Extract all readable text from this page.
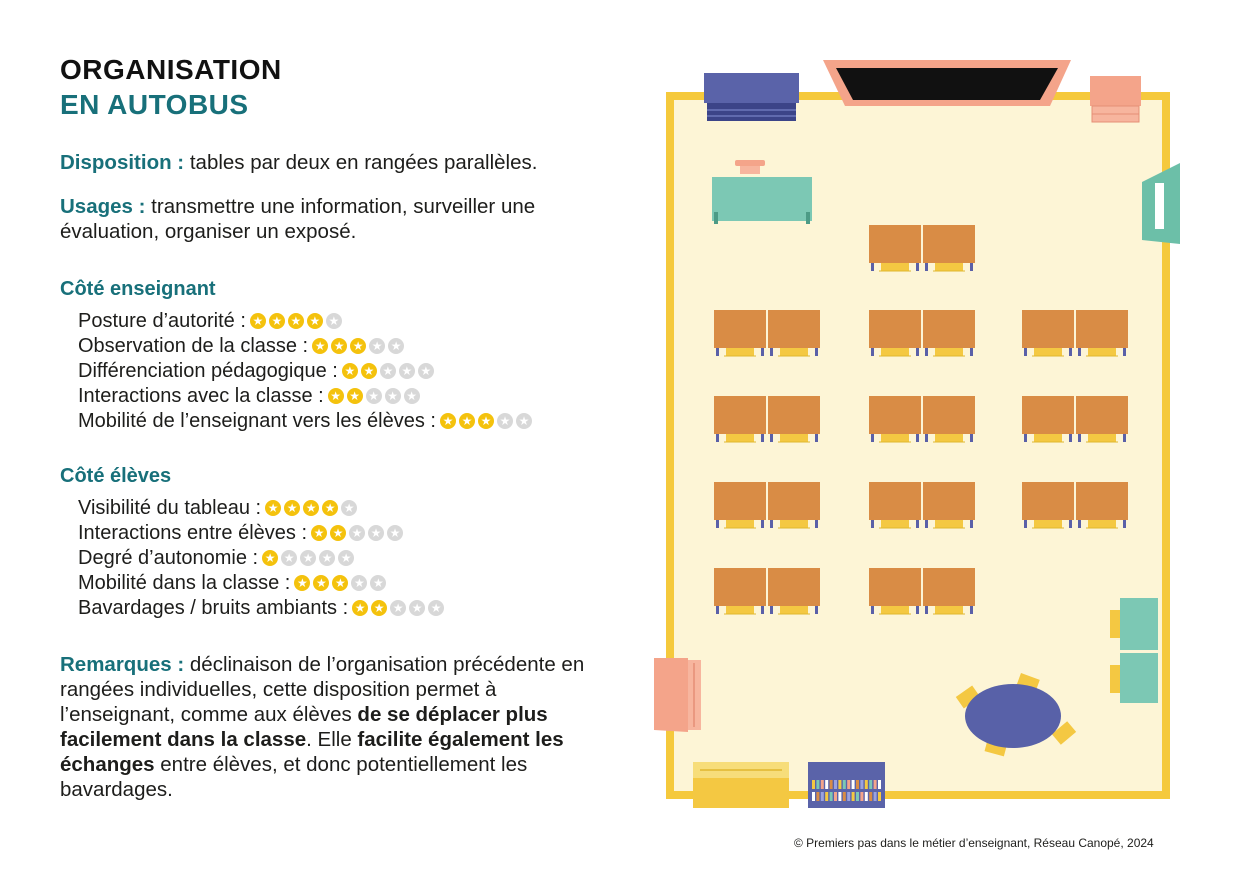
ORGANISATION
EN AUTOBUS
Disposition : tables par deux en rangées parallèles.
Usages : transmettre une information, surveiller une évaluation, organiser un exposé.
Côté enseignant
Posture d’autorité :★★★★★
Observation de la classe :★★★★★
Différenciation pédagogique :★★★★★
Interactions avec la classe :★★★★★
Mobilité de l’enseignant vers les élèves :★★★★★
Côté élèves
Visibilité du tableau :★★★★★
Interactions entre élèves :★★★★★
Degré d’autonomie :★★★★★
Mobilité dans la classe :★★★★★
Bavardages / bruits ambiants :★★★★★
Remarques : déclinaison de l’organisation précédente en rangées individuelles, cette disposition permet à l’enseignant, comme aux élèves de se déplacer plus facilement dans la classe. Elle facilite également les échanges entre élèves, et donc potentiellement les bavardages.
© Premiers pas dans le métier d’enseignant, Réseau Canopé, 2024
